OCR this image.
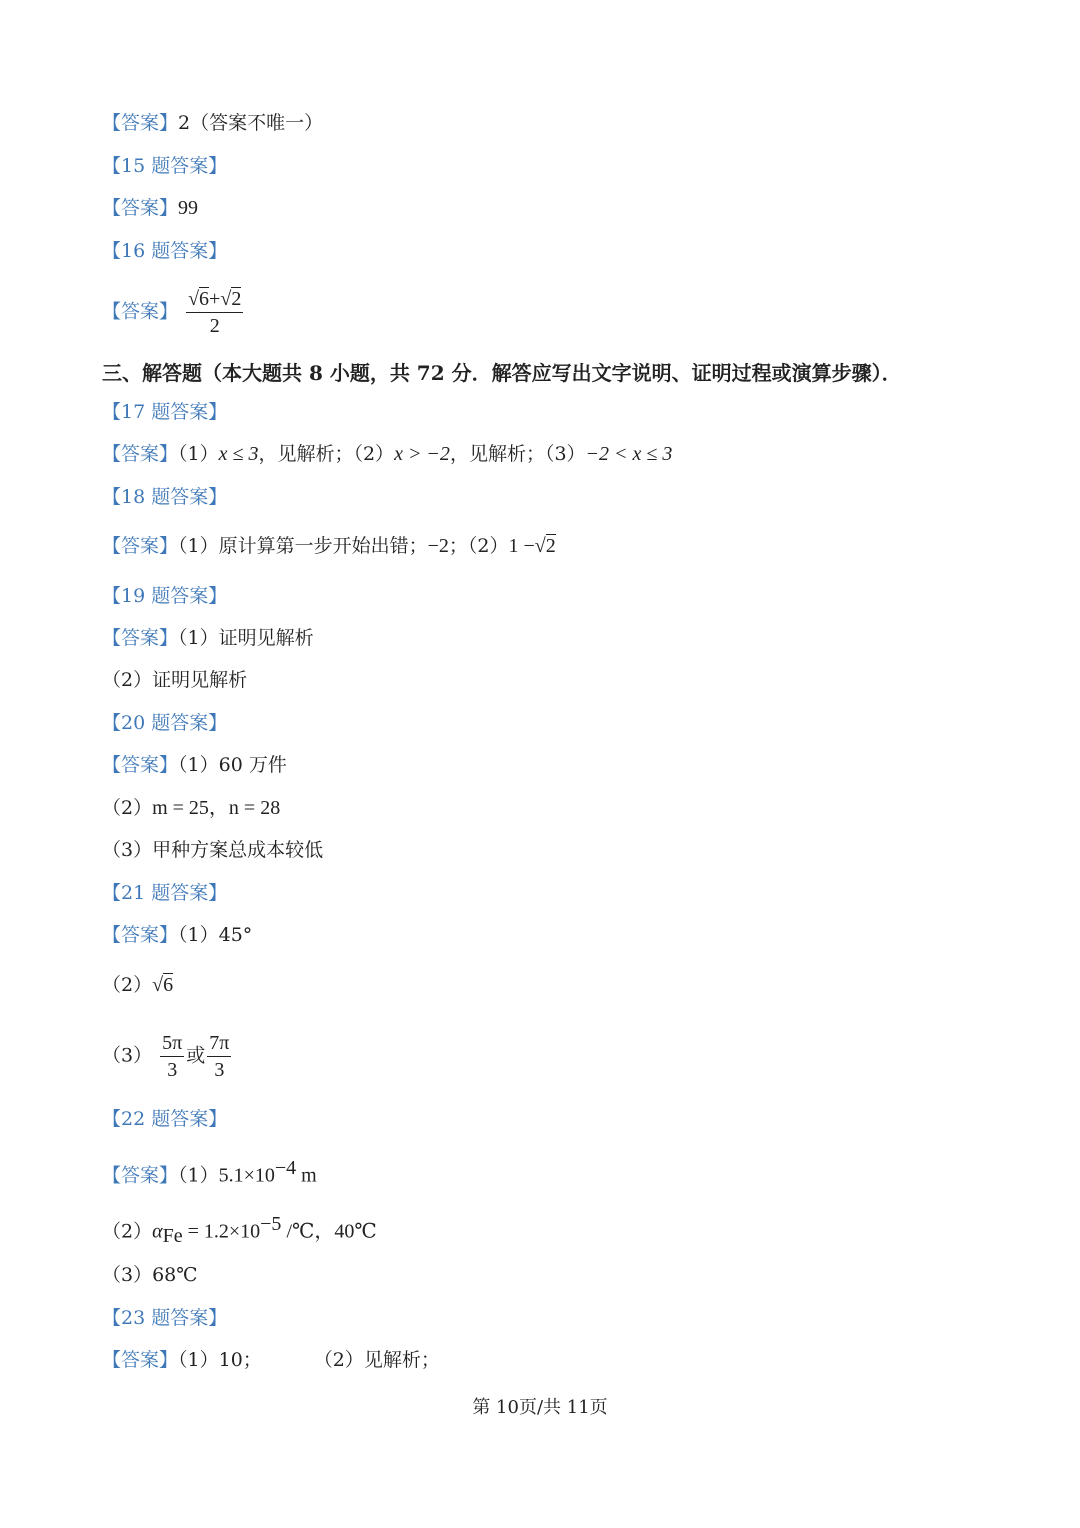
【答案】2（答案不唯一）
【15 题答案】
【答案】99
【16 题答案】
【答案】 $\frac{√6+√2}{2}$
三、解答题（本大题共 8 小题，共 72 分．解答应写出文字说明、证明过程或演算步骤）．
【17 题答案】
【答案】（1）x ≤ 3，见解析；（2）x > −2，见解析；（3）−2 < x ≤ 3
【18 题答案】
【答案】（1）原计算第一步开始出错；−2；（2）1 −√2
【19 题答案】
【答案】（1）证明见解析
（2）证明见解析
【20 题答案】
【答案】（1）60 万件
（2）m = 25，n = 28
（3）甲种方案总成本较低
【21 题答案】
【答案】（1）45°
（2）√6
$(3) \frac{5\pi}{3}$ 或 $\frac{7\pi}{3}$
【22 题答案】
【答案】$(1)5.1\times 10^{-4}$ m
$(2)\alpha_{Fe} = 1.2\times 10^{-5}$ /℃，40℃
（3）68℃
【23 题答案】
【答案】（1）10；	（2）见解析；
第 10页/共 11页
